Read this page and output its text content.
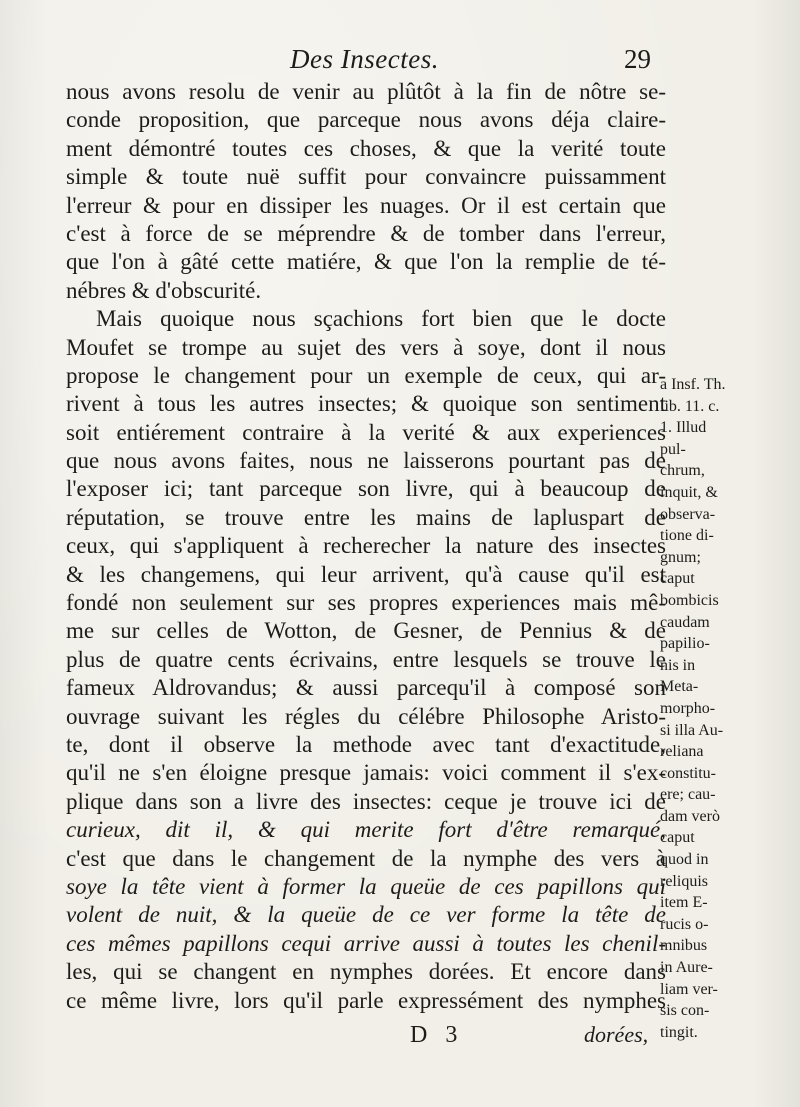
Des Insectes.	29
nous avons resolu de venir au plûtôt à la fin de nôtre se-
conde proposition, que parceque nous avons déja claire-
ment démontré toutes ces choses, & que la verité toute
simple & toute nuë suffit pour convaincre puissamment
l'erreur & pour en dissiper les nuages. Or il est certain que
c'est à force de se méprendre & de tomber dans l'erreur,
que l'on à gâté cette matiére, & que l'on la remplie de té-
nébres & d'obscurité.
Mais quoique nous sçachions fort bien que le docte
Moufet se trompe au sujet des vers à soye, dont il nous
propose le changement pour un exemple de ceux, qui ar-
rivent à tous les autres insectes; & quoique son sentiment
soit entiérement contraire à la verité & aux experiences
que nous avons faites, nous ne laisserons pourtant pas de
l'exposer ici; tant parceque son livre, qui à beaucoup de
réputation, se trouve entre les mains de lapluspart de
ceux, qui s'appliquent à recherecher la nature des insectes
& les changemens, qui leur arrivent, qu'à cause qu'il est
fondé non seulement sur ses propres experiences mais mê-
me sur celles de Wotton, de Gesner, de Pennius & de
plus de quatre cents écrivains, entre lesquels se trouve le
fameux Aldrovandus; & aussi parcequ'il à composé son
ouvrage suivant les régles du célébre Philosophe Aristo-
te, dont il observe la methode avec tant d'exactitude,
qu'il ne s'en éloigne presque jamais: voici comment il s'ex-
plique dans son a livre des insectes: ceque je trouve ici de
curieux, dit il, & qui merite fort d'être remarqué,
c'est que dans le changement de la nymphe des vers à
soye la tête vient à former la queüe de ces papillons qui
volent de nuit, & la queüe de ce ver forme la tête de
ces mêmes papillons cequi arrive aussi à toutes les chenil-
les, qui se changent en nymphes dorées. Et encore dans
ce même livre, lors qu'il parle expressément des nymphes
a Insf. Th.
lib. 11. c.
1. Illud
pul-
chrum,
inquit, &
observa-
tione di-
gnum;
caput
bombicis
caudam
papilio-
nis in
Meta-
morpho-
si illa Au-
reliana
constitu-
ere; cau-
dam verò
caput
quod in
reliquis
item E-
rucis o-
mnibus
in Aure-
liam ver-
sis con-
tingit.
D 3	dorées,
